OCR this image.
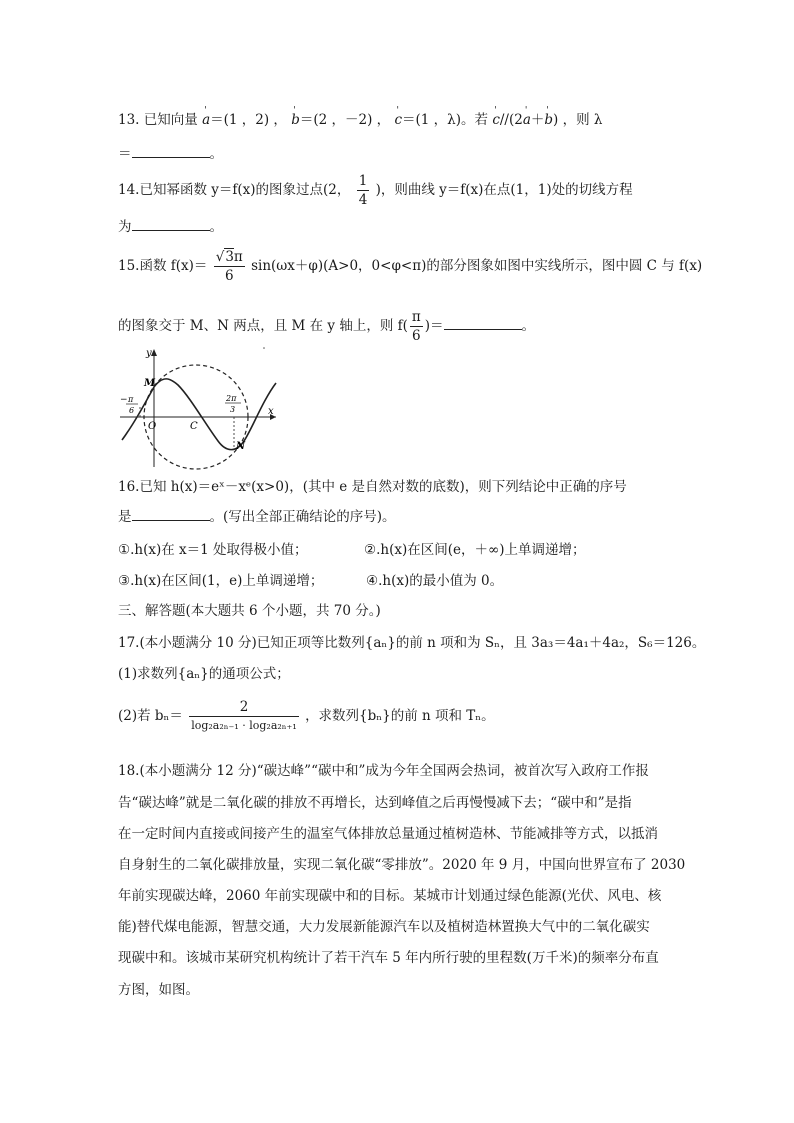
13. 已知向量 ' a＝(1 ，2) ， ' b＝(2 ，－2) ， ' c＝(1 ，λ)。若 ' c//(2' a＋' b) ，则 λ
＝	。
14.已知幂函数 y＝f(x)的图象过点(2， $\frac{1}{4}$ )，则曲线 y＝f(x)在点(1，1)处的切线方程
为	。
15.函数 $f(x)= \frac{√3\pi}{6} \sin(\omega x+\varphi)(A>0$，0<φ<π)的部分图象如图中实线所示，图中圆 C 与 f(x)
的图象交于 M、N 两点，且 M 在 y 轴上，则 $f( \frac{\pi}{6}$ )＝	。
y
x
M
N
O	C
− π
6
2π
3
16.已知 h(x)＝eˣ－xᵉ(x>0)，(其中 e 是自然对数的底数)，则下列结论中正确的序号
是	。(写出全部正确结论的序号)。
①.h(x)在 x＝1 处取得极小值；	②.h(x)在区间(e，＋∞)上单调递增；
③.h(x)在区间(1，e)上单调递增；	④.h(x)的最小值为 0。
三、解答题(本大题共 6 个小题，共 70 分。)
17.(本小题满分 10 分)已知正项等比数列{aₙ}的前 n 项和为 Sₙ，且 3a₃＝4a₁＋4a₂，S₆＝126。
(1)求数列{aₙ}的通项公式；
(2)若 $b_n= \frac{2}{\text{log₂a₂ₙ₋₁ · log₂a₂ₙ₊₁}}$ ，求数列{bₙ}的前 n 项和 Tₙ。
18.(本小题满分 12 分)“碳达峰”“碳中和”成为今年全国两会热词，被首次写入政府工作报
告“碳达峰”就是二氧化碳的排放不再增长，达到峰值之后再慢慢减下去；“碳中和”是指
在一定时间内直接或间接产生的温室气体排放总量通过植树造林、节能减排等方式，以抵消
自身射生的二氧化碳排放量，实现二氧化碳“零排放”。2020 年 9 月，中国向世界宣布了 2030
年前实现碳达峰，2060 年前实现碳中和的目标。某城市计划通过绿色能源(光伏、风电、核
能)替代煤电能源，智慧交通，大力发展新能源汽车以及植树造林置换大气中的二氧化碳实
现碳中和。该城市某研究机构统计了若干汽车 5 年内所行驶的里程数(万千米)的频率分布直
方图，如图。
